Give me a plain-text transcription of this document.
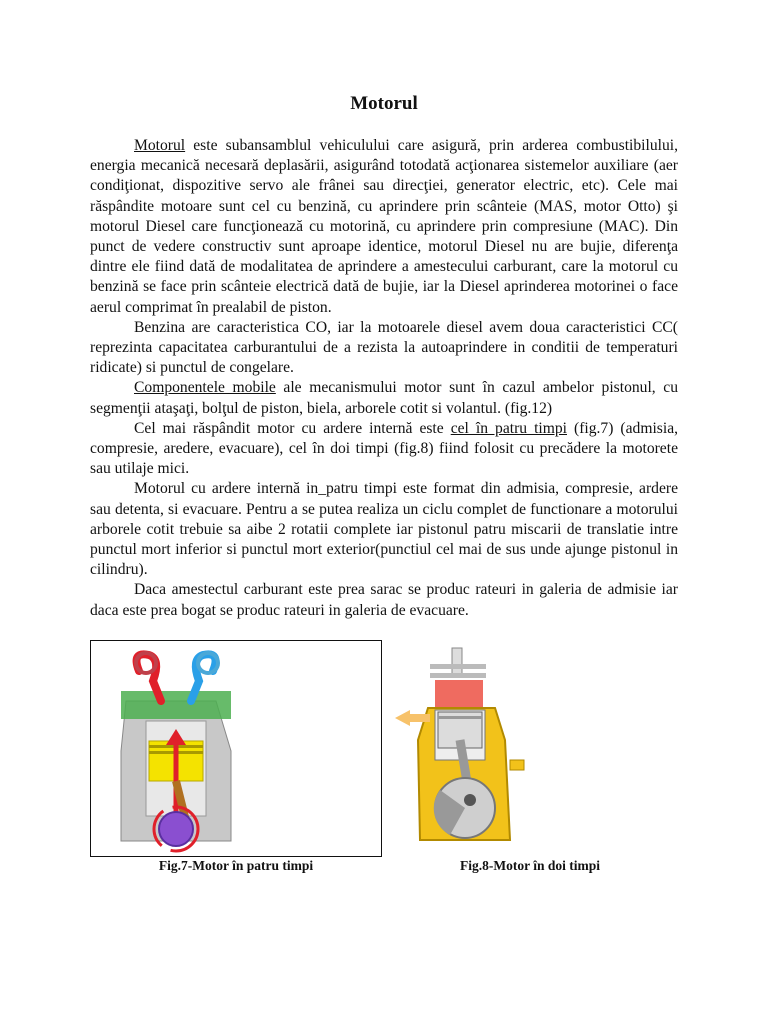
Motorul

Motorul este subansamblul vehiculului care asigură, prin arderea combustibilului, energia mecanică necesară deplasării, asigurând totodată acţionarea sistemelor auxiliare (aer condiţionat, dispozitive servo ale frânei sau direcţiei, generator electric, etc). Cele mai răspândite motoare sunt cel cu benzină, cu aprindere prin scânteie (MAS, motor Otto) şi motorul Diesel care funcţionează cu motorină, cu aprindere prin compresiune (MAC). Din punct de vedere constructiv sunt aproape identice, motorul Diesel nu are bujie, diferenţa dintre ele fiind dată de modalitatea de aprindere a amestecului carburant, care la motorul cu benzină se face prin scânteie electrică dată de bujie, iar la Diesel aprinderea motorinei o face aerul comprimat în prealabil de piston.

Benzina are caracteristica CO, iar la motoarele diesel avem doua caracteristici CC( reprezinta capacitatea carburantului de a rezista la autoaprindere in conditii de temperaturi ridicate) si punctul de congelare.

Componentele mobile ale mecanismului motor sunt în cazul ambelor pistonul, cu segmenţii ataşaţi, bolţul de piston, biela, arborele cotit si volantul. (fig.12)

Cel mai răspândit motor cu ardere internă este cel în patru timpi (fig.7) (admisia, compresie, aredere, evacuare), cel în doi timpi (fig.8) fiind folosit cu precădere la motorete sau utilaje mici.

Motorul cu ardere internă in_patru timpi este format din admisia, compresie, ardere sau detenta, si evacuare. Pentru a se putea realiza un ciclu complet de functionare a motorului arborele cotit trebuie sa aibe 2 rotatii complete iar pistonul patru miscarii de translatie intre punctul mort inferior si punctul mort exterior(punctiul cel mai de sus unde ajunge pistonul in cilindru).

Daca amestectul carburant este prea sarac se produc rateuri in galeria de admisie iar daca este prea bogat se produc rateuri in galeria de evacuare.

Fig.7-Motor în patru timpi	Fig.8-Motor în doi timpi
